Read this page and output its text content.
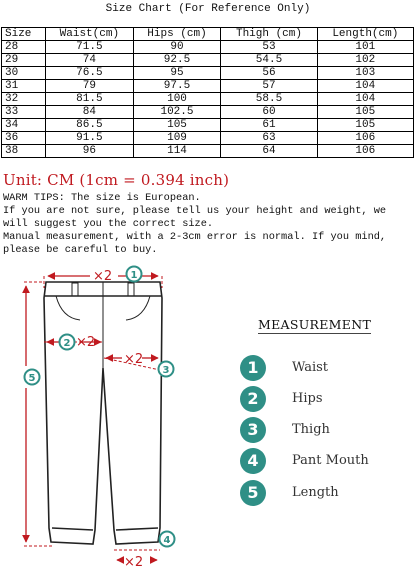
Size Chart (For Reference Only)
Size	Waist(cm)	Hips (cm)	Thigh (cm)	Length(cm)
28	71.5	90	53	101
29	74	92.5	54.5	102
30	76.5	95	56	103
31	79	97.5	57	104
32	81.5	100	58.5	104
33	84	102.5	60	105
34	86.5	105	61	105
36	91.5	109	63	106
38	96	114	64	106
Unit: CM (1cm = 0.394 inch)
WARM TIPS: The size is European.
If you are not sure, please tell us your height and weight, we
will suggest you the correct size.
Manual measurement, with a 2-3cm error is normal. If you mind,
please be careful to buy.
×2
×2
×2
×2
1
2
3
4
5
MEASUREMENT
1	Waist
2	Hips
3	Thigh
4	Pant Mouth
5	Length
